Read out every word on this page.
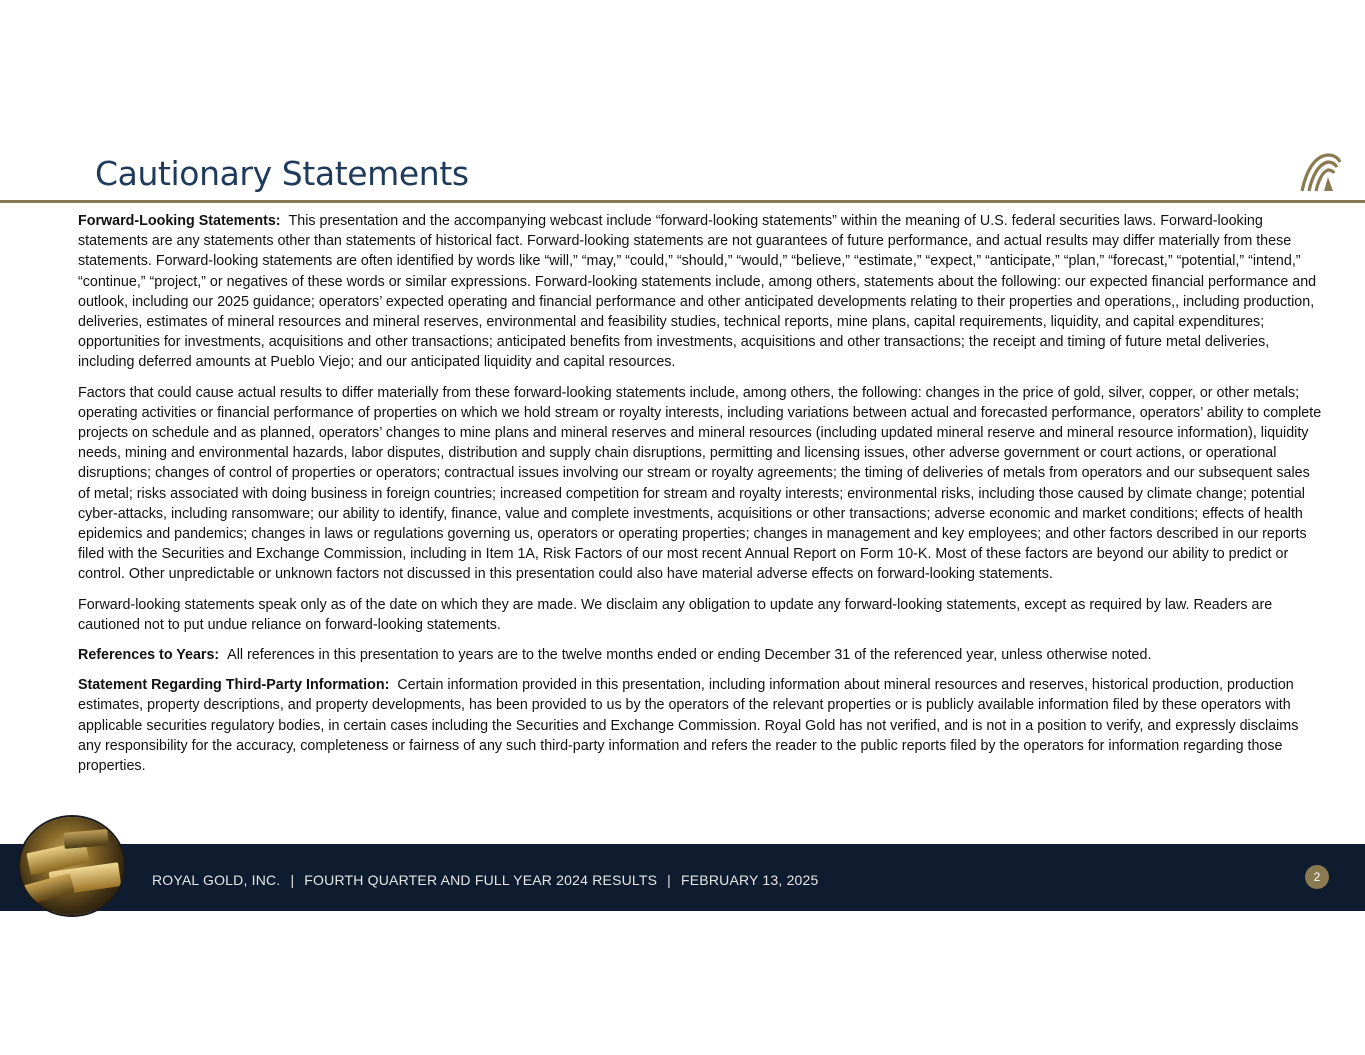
Cautionary Statements

Forward-Looking Statements: This presentation and the accompanying webcast include “forward-looking statements” within the meaning of U.S. federal securities laws. Forward-looking statements are any statements other than statements of historical fact. Forward-looking statements are not guarantees of future performance, and actual results may differ materially from these statements. Forward-looking statements are often identified by words like “will,” “may,” “could,” “should,” “would,” “believe,” “estimate,” “expect,” “anticipate,” “plan,” “forecast,” “potential,” “intend,” “continue,” “project,” or negatives of these words or similar expressions. Forward-looking statements include, among others, statements about the following: our expected financial performance and outlook, including our 2025 guidance; operators’ expected operating and financial performance and other anticipated developments relating to their properties and operations,, including production, deliveries, estimates of mineral resources and mineral reserves, environmental and feasibility studies, technical reports, mine plans, capital requirements, liquidity, and capital expenditures; opportunities for investments, acquisitions and other transactions; anticipated benefits from investments, acquisitions and other transactions; the receipt and timing of future metal deliveries, including deferred amounts at Pueblo Viejo; and our anticipated liquidity and capital resources.

Factors that could cause actual results to differ materially from these forward-looking statements include, among others, the following: changes in the price of gold, silver, copper, or other metals; operating activities or financial performance of properties on which we hold stream or royalty interests, including variations between actual and forecasted performance, operators’ ability to complete projects on schedule and as planned, operators’ changes to mine plans and mineral reserves and mineral resources (including updated mineral reserve and mineral resource information), liquidity needs, mining and environmental hazards, labor disputes, distribution and supply chain disruptions, permitting and licensing issues, other adverse government or court actions, or operational disruptions; changes of control of properties or operators; contractual issues involving our stream or royalty agreements; the timing of deliveries of metals from operators and our subsequent sales of metal; risks associated with doing business in foreign countries; increased competition for stream and royalty interests; environmental risks, including those caused by climate change; potential cyber-attacks, including ransomware; our ability to identify, finance, value and complete investments, acquisitions or other transactions; adverse economic and market conditions; effects of health epidemics and pandemics; changes in laws or regulations governing us, operators or operating properties; changes in management and key employees; and other factors described in our reports filed with the Securities and Exchange Commission, including in Item 1A, Risk Factors of our most recent Annual Report on Form 10-K. Most of these factors are beyond our ability to predict or control. Other unpredictable or unknown factors not discussed in this presentation could also have material adverse effects on forward-looking statements.

Forward-looking statements speak only as of the date on which they are made. We disclaim any obligation to update any forward-looking statements, except as required by law. Readers are cautioned not to put undue reliance on forward-looking statements.

References to Years: All references in this presentation to years are to the twelve months ended or ending December 31 of the referenced year, unless otherwise noted.

Statement Regarding Third-Party Information: Certain information provided in this presentation, including information about mineral resources and reserves, historical production, production estimates, property descriptions, and property developments, has been provided to us by the operators of the relevant properties or is publicly available information filed by these operators with applicable securities regulatory bodies, in certain cases including the Securities and Exchange Commission. Royal Gold has not verified, and is not in a position to verify, and expressly disclaims any responsibility for the accuracy, completeness or fairness of any such third-party information and refers the reader to the public reports filed by the operators for information regarding those properties.

ROYAL GOLD, INC. | FOURTH QUARTER AND FULL YEAR 2024 RESULTS | FEBRUARY 13, 2025	2
